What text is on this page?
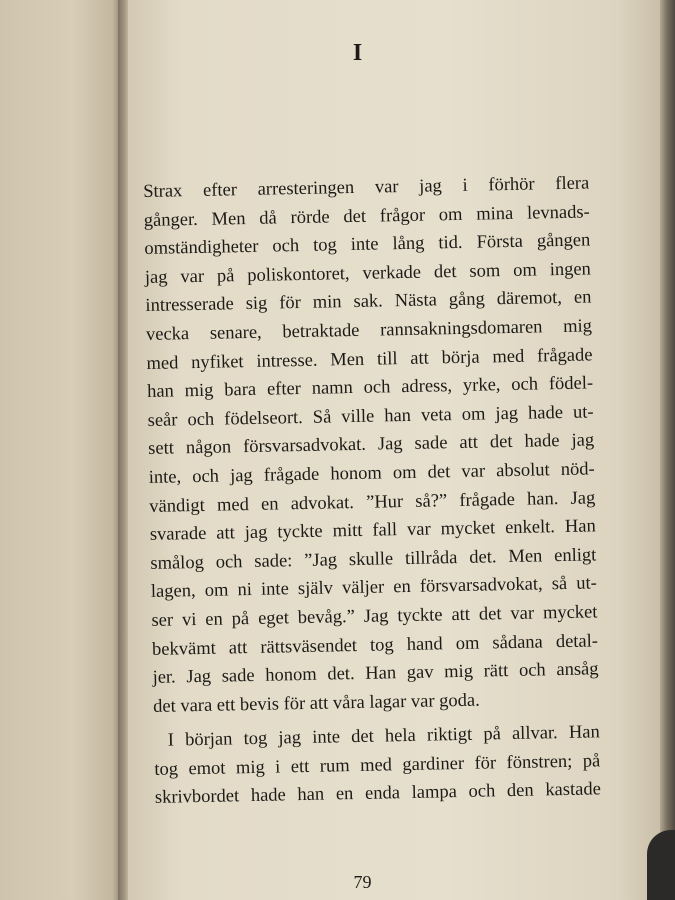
I
Strax efter arresteringen var jag i förhör flera
gånger. Men då rörde det frågor om mina levnads-
omständigheter och tog inte lång tid. Första gången
jag var på poliskontoret, verkade det som om ingen
intresserade sig för min sak. Nästa gång däremot, en
vecka senare, betraktade rannsakningsdomaren mig
med nyfiket intresse. Men till att börja med frågade
han mig bara efter namn och adress, yrke, och födel-
seår och födelseort. Så ville han veta om jag hade ut-
sett någon försvarsadvokat. Jag sade att det hade jag
inte, och jag frågade honom om det var absolut nöd-
vändigt med en advokat. ”Hur så?” frågade han. Jag
svarade att jag tyckte mitt fall var mycket enkelt. Han
smålog och sade: ”Jag skulle tillråda det. Men enligt
lagen, om ni inte själv väljer en försvarsadvokat, så ut-
ser vi en på eget bevåg.” Jag tyckte att det var mycket
bekvämt att rättsväsendet tog hand om sådana detal-
jer. Jag sade honom det. Han gav mig rätt och ansåg
det vara ett bevis för att våra lagar var goda.
I början tog jag inte det hela riktigt på allvar. Han
tog emot mig i ett rum med gardiner för fönstren; på
skrivbordet hade han en enda lampa och den kastade
79
